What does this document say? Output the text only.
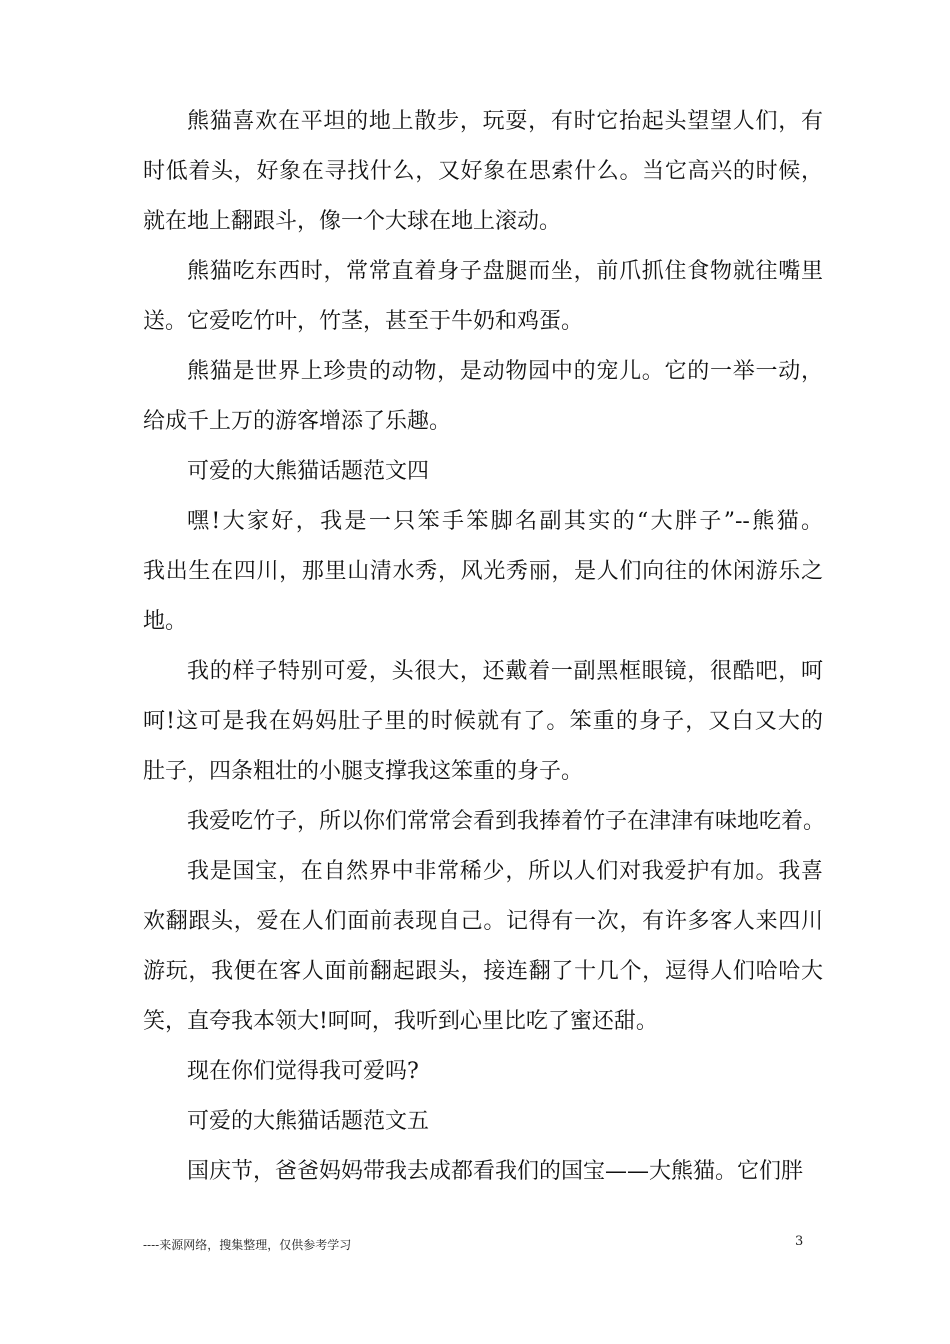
熊猫喜欢在平坦的地上散步，玩耍，有时它抬起头望望人们，有
时低着头，好象在寻找什么，又好象在思索什么。当它高兴的时候，
就在地上翻跟斗，像一个大球在地上滚动。
熊猫吃东西时，常常直着身子盘腿而坐，前爪抓住食物就往嘴里
送。它爱吃竹叶，竹茎，甚至于牛奶和鸡蛋。
熊猫是世界上珍贵的动物，是动物园中的宠儿。它的一举一动，
给成千上万的游客增添了乐趣。
可爱的大熊猫话题范文四
嘿!大家好，我是一只笨手笨脚名副其实的“大胖子”--熊猫。
我出生在四川，那里山清水秀，风光秀丽，是人们向往的休闲游乐之
地。
我的样子特别可爱，头很大，还戴着一副黑框眼镜，很酷吧，呵
呵!这可是我在妈妈肚子里的时候就有了。笨重的身子，又白又大的
肚子，四条粗壮的小腿支撑我这笨重的身子。
我爱吃竹子，所以你们常常会看到我捧着竹子在津津有味地吃着。
我是国宝，在自然界中非常稀少，所以人们对我爱护有加。我喜
欢翻跟头，爱在人们面前表现自己。记得有一次，有许多客人来四川
游玩，我便在客人面前翻起跟头，接连翻了十几个，逗得人们哈哈大
笑，直夸我本领大!呵呵，我听到心里比吃了蜜还甜。
现在你们觉得我可爱吗?
可爱的大熊猫话题范文五
国庆节，爸爸妈妈带我去成都看我们的国宝——大熊猫。它们胖
----来源网络，搜集整理，仅供参考学习	3
